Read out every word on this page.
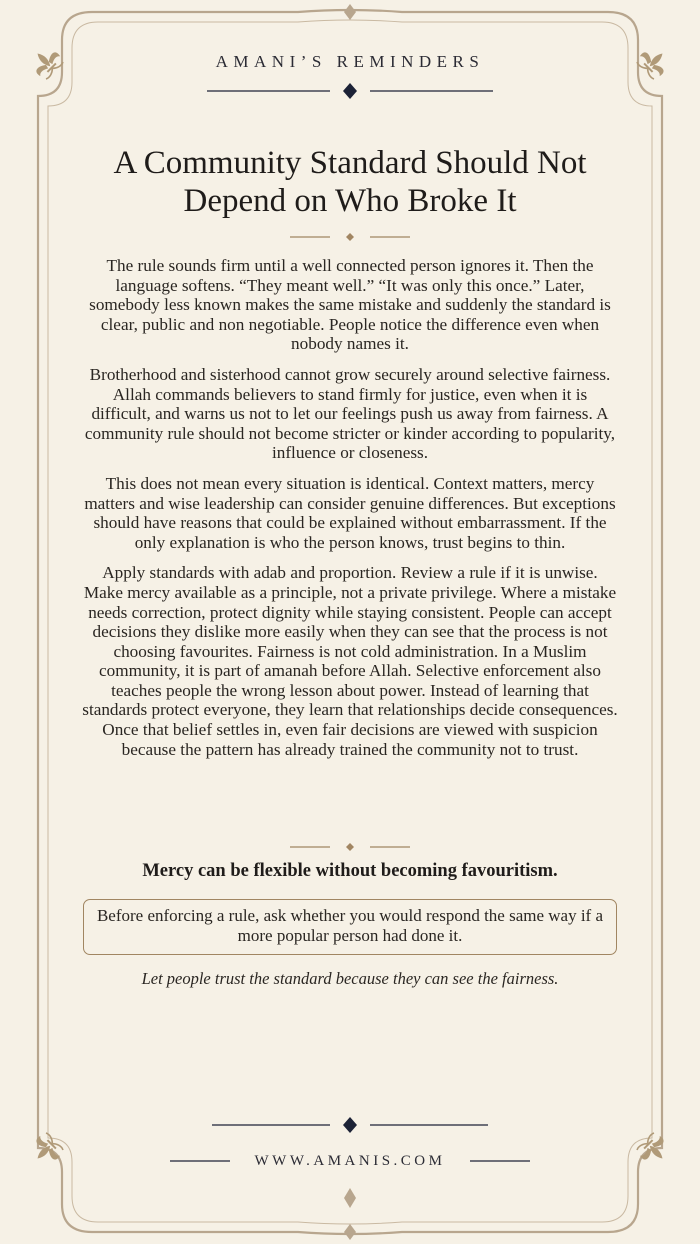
AMANI’S REMINDERS
A Community Standard Should Not
Depend on Who Broke It

The rule sounds firm until a well connected person ignores it. Then the language softens. “They meant well.” “It was only this once.” Later, somebody less known makes the same mistake and suddenly the standard is clear, public and non negotiable. People notice the difference even when nobody names it.

Brotherhood and sisterhood cannot grow securely around selective fairness. Allah commands believers to stand firmly for justice, even when it is difficult, and warns us not to let our feelings push us away from fairness. A community rule should not become stricter or kinder according to popularity, influence or closeness.

This does not mean every situation is identical. Context matters, mercy matters and wise leadership can consider genuine differences. But exceptions should have reasons that could be explained without embarrassment. If the only explanation is who the person knows, trust begins to thin.

Apply standards with adab and proportion. Review a rule if it is unwise. Make mercy available as a principle, not a private privilege. Where a mistake needs correction, protect dignity while staying consistent. People can accept decisions they dislike more easily when they can see that the process is not choosing favourites. Fairness is not cold administration. In a Muslim community, it is part of amanah before Allah. Selective enforcement also teaches people the wrong lesson about power. Instead of learning that standards protect everyone, they learn that relationships decide consequences. Once that belief settles in, even fair decisions are viewed with suspicion because the pattern has already trained the community not to trust.

Mercy can be flexible without becoming favouritism.
Before enforcing a rule, ask whether you would respond the same way if a more popular person had done it.
Let people trust the standard because they can see the fairness.
WWW.AMANIS.COM
